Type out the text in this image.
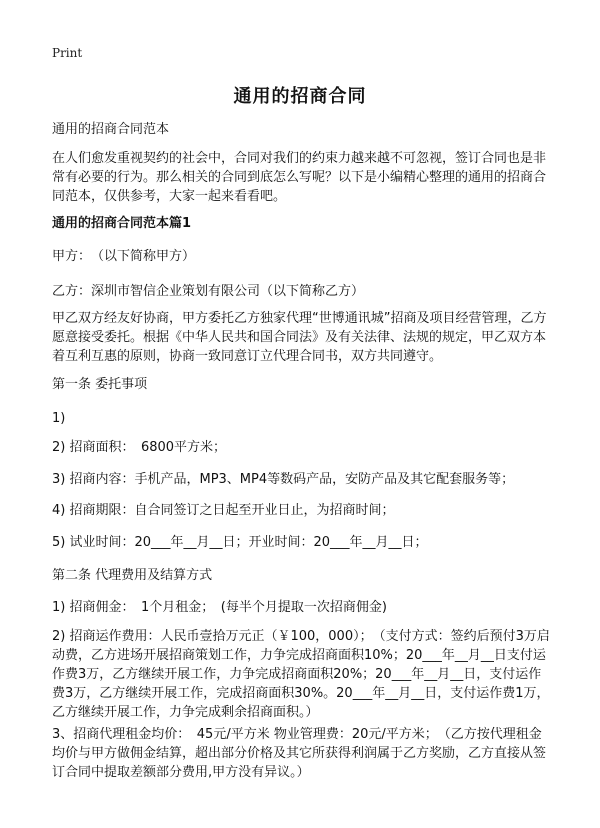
Print
通用的招商合同

通用的招商合同范本

在人们愈发重视契约的社会中，合同对我们的约束力越来越不可忽视，签订合同也是非常有必要的行为。那么相关的合同到底怎么写呢？以下是小编精心整理的通用的招商合同范本，仅供参考，大家一起来看看吧。

通用的招商合同范本篇1

甲方：　（以下简称甲方）

乙方：深圳市智信企业策划有限公司（以下简称乙方）

甲乙双方经友好协商，甲方委托乙方独家代理“世博通讯城”招商及项目经营管理，乙方愿意接受委托。根据《中华人民共和国合同法》及有关法律、法规的规定，甲乙双方本着互利互惠的原则，协商一致同意订立代理合同书，双方共同遵守。

第一条 委托事项

1)

2) 招商面积：　6800平方米；

3) 招商内容：手机产品，MP3、MP4等数码产品，安防产品及其它配套服务等；

4) 招商期限：自合同签订之日起至开业日止，为招商时间；

5) 试业时间：20___年__月__日；开业时间：20___年__月__日；

第二条 代理费用及结算方式

1) 招商佣金：　1个月租金；　(每半个月提取一次招商佣金)

2) 招商运作费用：人民币壹拾万元正（￥100，000）；　（支付方式：签约后预付3万启动费，乙方进场开展招商策划工作，力争完成招商面积10%；20___年__月__日支付运作费3万，乙方继续开展工作，力争完成招商面积20%；20___年__月__日，支付运作费3万，乙方继续开展工作，完成招商面积30%。20___年__月__日，支付运作费1万，乙方继续开展工作，力争完成剩余招商面积。）

3、招商代理租金均价：　45元/平方米 物业管理费：20元/平方米；　（乙方按代理租金均价与甲方做佣金结算，超出部分价格及其它所获得利润属于乙方奖励，乙方直接从签订合同中提取差额部分费用,甲方没有异议。）
